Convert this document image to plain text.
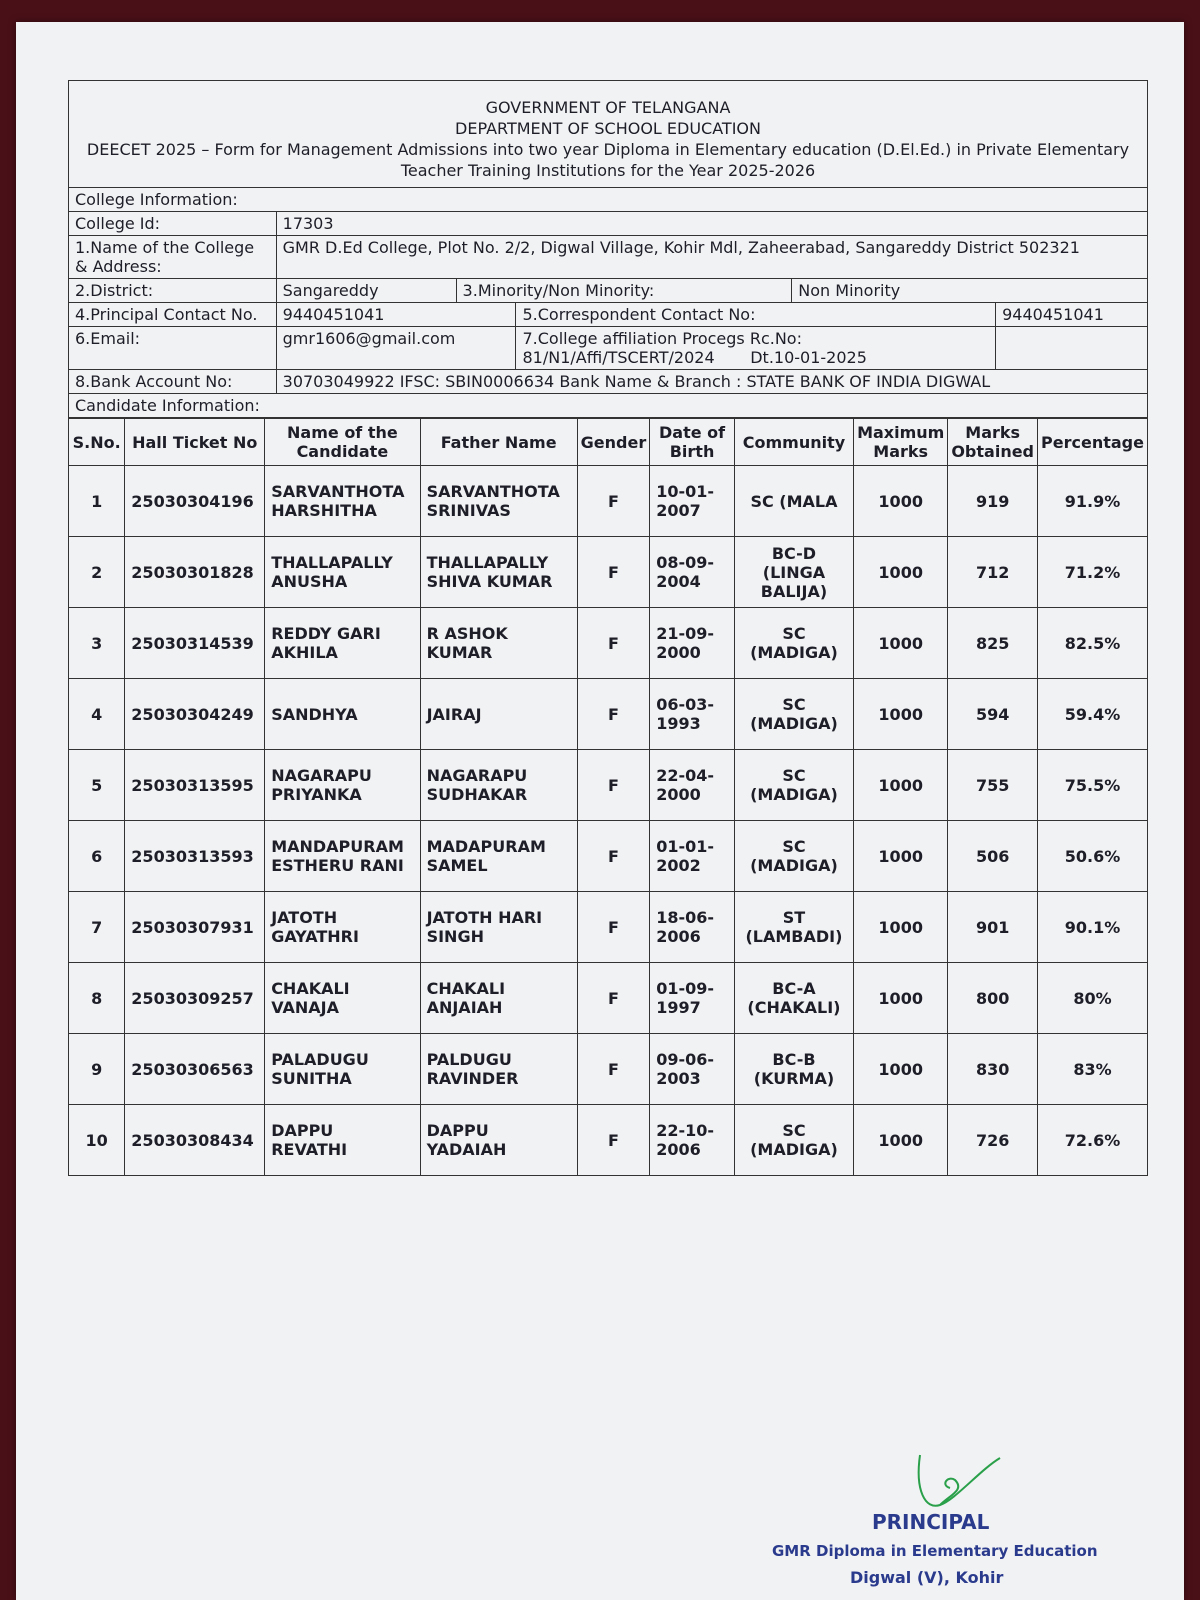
GOVERNMENT OF TELANGANA
DEPARTMENT OF SCHOOL EDUCATION
DEECET 2025 – Form for Management Admissions into two year Diploma in Elementary education (D.El.Ed.) in Private Elementary
Teacher Training Institutions for the Year 2025-2026
College Information:					
College Id:	17303				
1.Name of the College & Address:	GMR D.Ed College, Plot No. 2/2, Digwal Village, Kohir Mdl, Zaheerabad, Sangareddy District 502321				
2.District:	Sangareddy	3.Minority/Non Minority:		Non Minority	
4.Principal Contact No.	9440451041		5.Correspondent Contact No:		9440451041
6.Email:	gmr1606@gmail.com		7.College affiliation Procegs Rc.No:
81/N1/Affi/TSCERT/2024       Dt.10-01-2025		

8.Bank Account No:	30703049922 IFSC: SBIN0006634 Bank Name & Branch : STATE BANK OF INDIA DIGWAL				
Candidate Information:					
S.No.	Hall Ticket No	Name of the Candidate	Father Name	Gender	Date of Birth	Community	Maximum Marks	Marks Obtained	Percentage
1	25030304196	SARVANTHOTA HARSHITHA	SARVANTHOTA SRINIVAS	F	10-01-2007	SC (MALA	1000	919	91.9%
2	25030301828	THALLAPALLY ANUSHA	THALLAPALLY SHIVA KUMAR	F	08-09-2004	BC-D (LINGA BALIJA)	1000	712	71.2%
3	25030314539	REDDY GARI AKHILA	R ASHOK KUMAR	F	21-09-2000	SC (MADIGA)	1000	825	82.5%
4	25030304249	SANDHYA	JAIRAJ	F	06-03-1993	SC (MADIGA)	1000	594	59.4%
5	25030313595	NAGARAPU PRIYANKA	NAGARAPU SUDHAKAR	F	22-04-2000	SC (MADIGA)	1000	755	75.5%
6	25030313593	MANDAPURAM ESTHERU RANI	MADAPURAM SAMEL	F	01-01-2002	SC (MADIGA)	1000	506	50.6%
7	25030307931	JATOTH GAYATHRI	JATOTH HARI SINGH	F	18-06-2006	ST (LAMBADI)	1000	901	90.1%
8	25030309257	CHAKALI VANAJA	CHAKALI ANJAIAH	F	01-09-1997	BC-A (CHAKALI)	1000	800	80%
9	25030306563	PALADUGU SUNITHA	PALDUGU RAVINDER	F	09-06-2003	BC-B (KURMA)	1000	830	83%
10	25030308434	DAPPU REVATHI	DAPPU YADAIAH	F	22-10-2006	SC (MADIGA)	1000	726	72.6%
PRINCIPAL
GMR Diploma in Elementary Education
Digwal (V), Kohir
